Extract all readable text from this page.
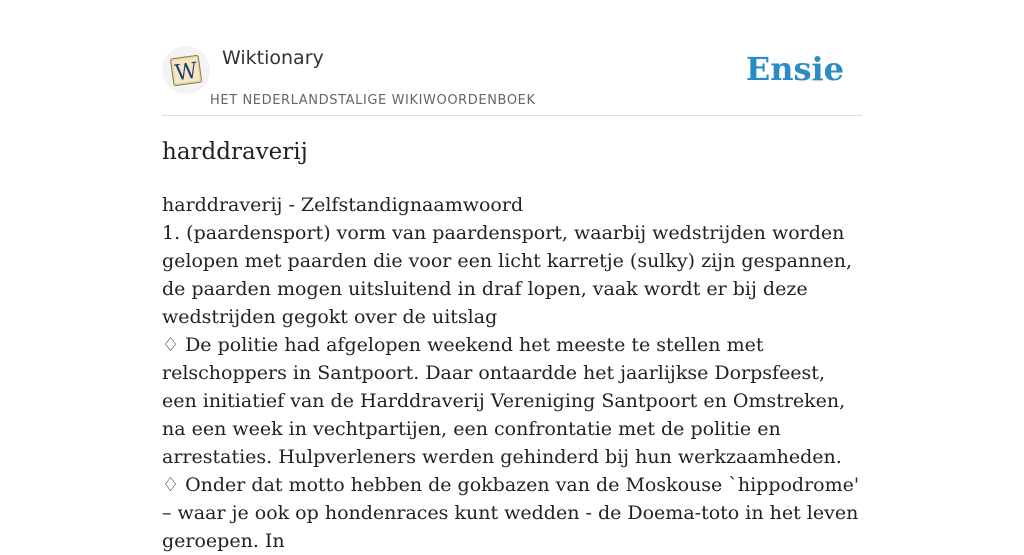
W
Wiktionary
HET NEDERLANDSTALIGE WIKIWOORDENBOEK
Ensie
harddraverij

harddraverij - Zelfstandignaamwoord

1. (paardensport) vorm van paardensport, waarbij wedstrijden worden gelopen met paarden die voor een licht karretje (sulky) zijn gespannen, de paarden mogen uitsluitend in draf lopen, vaak wordt er bij deze wedstrijden gegokt over de uitslag

♢ De politie had afgelopen weekend het meeste te stellen met relschoppers in Santpoort. Daar ontaardde het jaarlijkse Dorpsfeest, een initiatief van de Harddraverij Vereniging Santpoort en Omstreken, na een week in vechtpartijen, een confrontatie met de politie en arrestaties. Hulpverleners werden gehinderd bij hun werkzaamheden.

♢ Onder dat motto hebben de gokbazen van de Moskouse `hippodrome' – waar je ook op hondenraces kunt wedden - de Doema-toto in het leven geroepen. In
